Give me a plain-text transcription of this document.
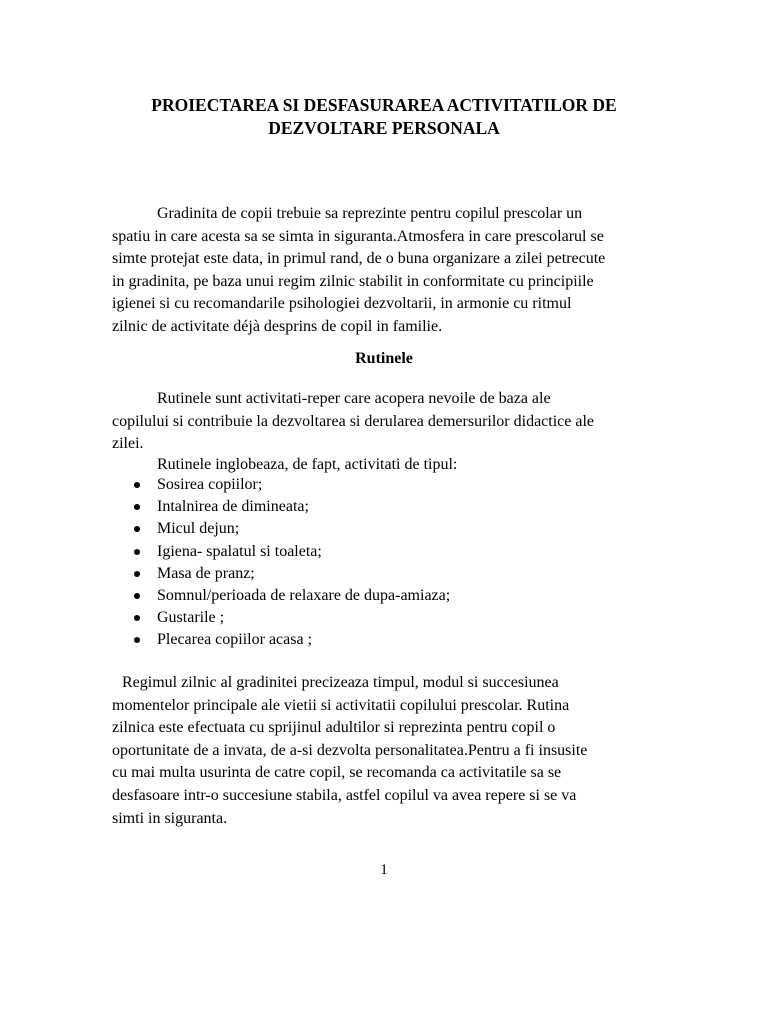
PROIECTAREA SI DESFASURAREA ACTIVITATILOR DE
DEZVOLTARE PERSONALA
Gradinita de copii trebuie sa reprezinte pentru copilul prescolar un
spatiu in care acesta sa se simta in siguranta.Atmosfera in care prescolarul se
simte protejat este data, in primul rand, de o buna organizare a zilei petrecute
in gradinita, pe baza unui regim zilnic stabilit in conformitate cu principiile
igienei si cu recomandarile psihologiei dezvoltarii, in armonie cu ritmul
zilnic de activitate déjà desprins de copil in familie.
Rutinele
Rutinele sunt activitati-reper care acopera nevoile de baza ale
copilului si contribuie la dezvoltarea si derularea demersurilor didactice ale
zilei.
Rutinele inglobeaza, de fapt, activitati de tipul:
Sosirea copiilor;
Intalnirea de dimineata;
Micul dejun;
Igiena- spalatul si toaleta;
Masa de pranz;
Somnul/perioada de relaxare de dupa-amiaza;
Gustarile ;
Plecarea copiilor acasa ;
Regimul zilnic al gradinitei precizeaza timpul, modul si succesiunea
momentelor principale ale vietii si activitatii copilului prescolar. Rutina
zilnica este efectuata cu sprijinul adultilor si reprezinta pentru copil o
oportunitate de a invata, de a-si dezvolta personalitatea.Pentru a fi insusite
cu mai multa usurinta de catre copil, se recomanda ca activitatile sa se
desfasoare intr-o succesiune stabila, astfel copilul va avea repere si se va
simti in siguranta.
1
